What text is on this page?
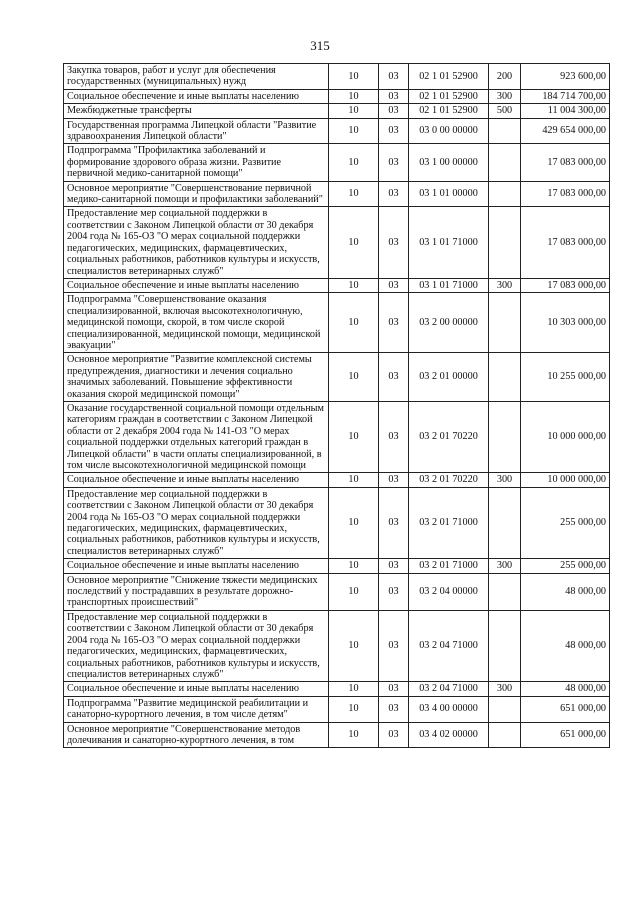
315
Закупка товаров, работ и услуг для обеспечения государственных (муниципальных) нужд	10	03	02 1 01 52900	200	923 600,00
Социальное обеспечение и иные выплаты населению	10	03	02 1 01 52900	300	184 714 700,00
Межбюджетные трансферты	10	03	02 1 01 52900	500	11 004 300,00
Государственная программа Липецкой области "Развитие здравоохранения Липецкой области"	10	03	03 0 00 00000		429 654 000,00
Подпрограмма "Профилактика заболеваний и формирование здорового образа жизни. Развитие первичной медико-санитарной помощи"	10	03	03 1 00 00000		17 083 000,00
Основное мероприятие "Совершенствование первичной медико-санитарной помощи и профилактики заболеваний"	10	03	03 1 01 00000		17 083 000,00
Предоставление мер социальной поддержки в соответствии с Законом Липецкой области от 30 декабря 2004 года № 165-ОЗ "О мерах социальной поддержки педагогических, медицинских, фармацевтических, социальных работников, работников культуры и искусств, специалистов ветеринарных служб"	10	03	03 1 01 71000		17 083 000,00
Социальное обеспечение и иные выплаты населению	10	03	03 1 01 71000	300	17 083 000,00
Подпрограмма "Совершенствование оказания специализированной, включая высокотехнологичную, медицинской помощи, скорой, в том числе скорой специализированной, медицинской помощи, медицинской эвакуации"	10	03	03 2 00 00000		10 303 000,00
Основное мероприятие "Развитие комплексной системы предупреждения, диагностики и лечения социально значимых заболеваний. Повышение эффективности оказания скорой медицинской помощи"	10	03	03 2 01 00000		10 255 000,00
Оказание государственной социальной помощи отдельным категориям граждан в соответствии с Законом Липецкой области от 2 декабря 2004 года № 141-ОЗ "О мерах социальной поддержки отдельных категорий граждан в Липецкой области" в части оплаты специализированной, в том числе высокотехнологичной медицинской помощи	10	03	03 2 01 70220		10 000 000,00
Социальное обеспечение и иные выплаты населению	10	03	03 2 01 70220	300	10 000 000,00
Предоставление мер социальной поддержки в соответствии с Законом Липецкой области от 30 декабря 2004 года № 165-ОЗ "О мерах социальной поддержки педагогических, медицинских, фармацевтических, социальных работников, работников культуры и искусств, специалистов ветеринарных служб"	10	03	03 2 01 71000		255 000,00
Социальное обеспечение и иные выплаты населению	10	03	03 2 01 71000	300	255 000,00
Основное мероприятие "Снижение тяжести медицинских последствий у пострадавших в результате дорожно-транспортных происшествий"	10	03	03 2 04 00000		48 000,00
Предоставление мер социальной поддержки в соответствии с Законом Липецкой области от 30 декабря 2004 года № 165-ОЗ "О мерах социальной поддержки педагогических, медицинских, фармацевтических, социальных работников, работников культуры и искусств, специалистов ветеринарных служб"	10	03	03 2 04 71000		48 000,00
Социальное обеспечение и иные выплаты населению	10	03	03 2 04 71000	300	48 000,00
Подпрограмма "Развитие медицинской реабилитации и санаторно-курортного лечения, в том числе детям"	10	03	03 4 00 00000		651 000,00
Основное мероприятие "Совершенствование методов долечивания и санаторно-курортного лечения, в том	10	03	03 4 02 00000		651 000,00
